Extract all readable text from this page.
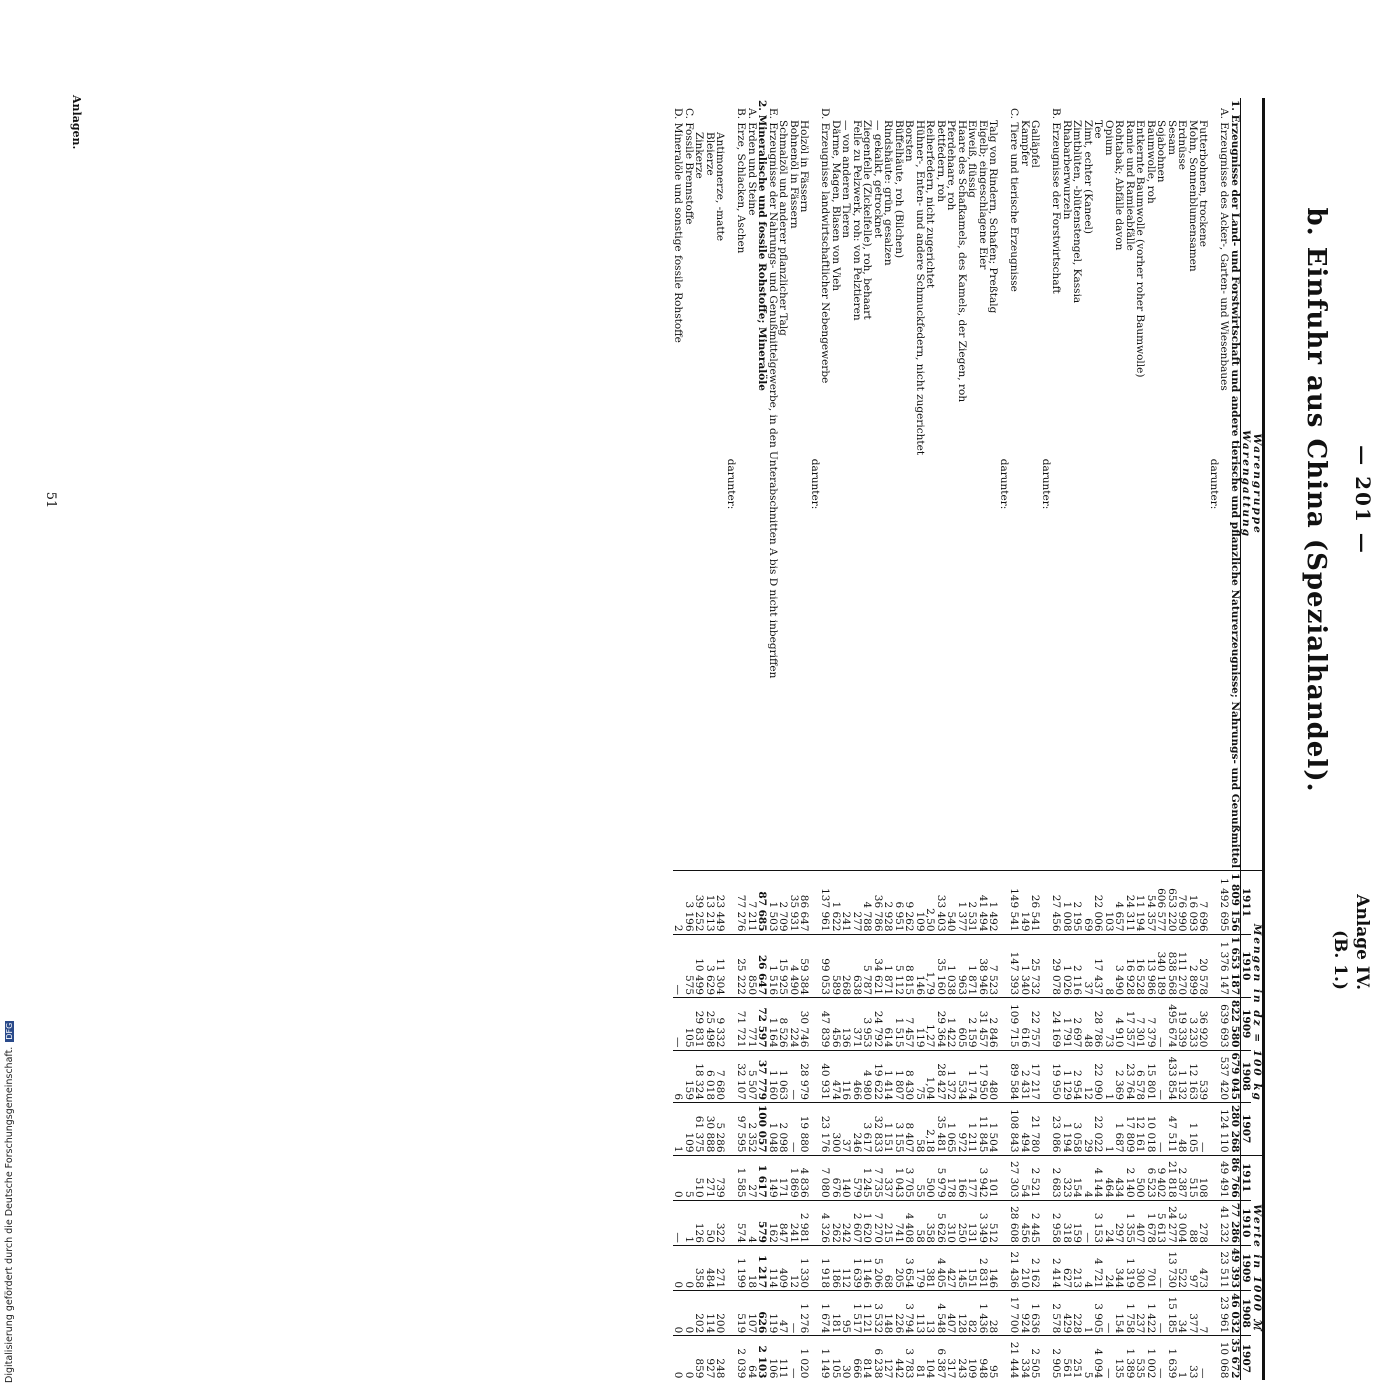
Digitalisierung gefördert durch die Deutsche Forschungsgemeinschaft. DFG
— 201 —
Anlage IV.
(B. 1.)
b. Einfuhr aus China (Spezialhandel).
Warengruppe
Warengattung	Mengen in dz = 100 kg					Werte in 1000 ℳ				
	1911	1910	1909	1908	1907	1911	1910	1909	1908	1907
1. Erzeugnisse der Land- und Forstwirtschaft und andere tierische und pflanzliche Naturerzeugnisse; Nahrungs- und Genußmittel	1 809 156	1 653 187	822 580	679 045	280 268	86 766	77 286	49 393	46 032	35 672
A. Erzeugnisse des Acker-, Garten- und Wiesenbaues	1 492 695	1 376 147	639 693	537 420	124 110	49 491	41 232	23 511	23 961	10 068
darunter:										
Futterbohnen, trockene	7 696	20 578	36 920	539	—	108	278	473	7	—
Mohn, Sonnenblumensamen	16 093	2 899	3 233	12 163	1 105	515	88	97	377	33
Erdnüsse	76 990	111 270	19 339	1 132	48	2 387	3 004	522	34	1
Sesam	653 220	838 568	495 674	433 854	47 511	21 818	24 277	13 730	15 185	1 639
Sojabohnen	606 577	340 189	—	—	—	9 402	5 613	—	—	—
Baumwolle, roh	54 357	13 986	7 379	15 801	10 018	6 523	1 678	701	1 422	1 002
Entkernte Baumwolle (vorher roher Baumwolle)	11 194	16 528	7 301	6 578	12 161	500	407	300	237	535
Ramie und Ramieabfälle	24 311	16 928	17 357	23 764	17 809	2 140	1 355	1 319	1 758	1 389
Rohtabak; Abfälle davon	4 657	3 490	4 910	2 369	1 687	434	297	344	154	135
Opium	103	8	73	1	1	464	24	24	—	—
Tee	22 006	17 437	28 786	22 090	22 022	4 144	3 153	4 721	3 905	4 094
Zimt, echter (Kaneel)	69	37	48	12	29	4	—	4	1	5
Zimtblüten, -blütenstengel, Kassia	2 195	2 116	2 697	2 954	3 058	154	159	213	228	251
Rhabarberwurzeln	1 008	1 026	1 791	1 129	1 194	323	318	627	429	561
B. Erzeugnisse der Forstwirtschaft	27 456	29 078	24 169	19 950	23 086	2 683	2 958	2 414	2 578	2 905
darunter:										
Galläpfel	26 541	25 732	22 757	17 217	21 780	2 521	2 445	2 162	1 636	2 505
Kampfer	149	1 340	616	2 431	494	54	456	210	924	334
C. Tiere und tierische Erzeugnisse	149 541	147 393	109 715	89 584	108 843	27 303	28 608	21 436	17 700	21 444
darunter:										
Talg von Rindern, Schafen; Preßtalg	1 492	7 523	2 846	480	1 504	101	512	146	28	95
Eigelb; eingeschlagene Eier	41 494	38 946	31 457	17 950	11 845	3 942	3 349	2 831	1 436	948
Eiweiß, flüssig	2 531	1 871	2 159	1 174	1 211	177	131	151	82	109
Haare des Schafkamels, des Kamels, der Ziegen, roh	1 377	963	605	534	972	166	250	145	128	243
Pferdehaare, roh	540	1 038	1 422	1 372	1 065	178	310	427	407	317
Bettfedern, roh	33 403	35 160	29 364	28 427	35 481	5 979	5 626	4 405	4 548	6 387
Reiherfedern, nicht zugerichtet	2,50	1,79	1,27	1,04	2,18	500	358	381	13	104
Hühner-, Enten- und andere Schmuckfedern, nicht zugerichtet	109	146	119	75	58	55	58	179	113	81
Borsten	9 262	8 815	7 457	8 430	8 407	3 705	4 408	3 654	3 794	3 783
Büffelhäute, roh (Bilchen)	6 951	5 112	1 515	1 807	3 155	1 043	741	205	226	442
Rindshäute: grün, gesalzen	2 928	1 871	614	1 414	1 151	337	215	68	148	127
— gekalkt, getrocknet	36 786	34 621	24 792	19 622	32 833	7 735	7 270	5 206	3 532	6 238
Ziegenfelle (Zickelfelle), roh, behaart	4 788	5 787	3 953	4 980	3 617	1 245	1 620	1 146	1 121	814
Felle zu Pelzwerk, roh: von Pelztieren	277	638	371	466	246	579	2 607	1 639	1 517	666
— von anderen Tieren	241	268	136	116	37	140	242	112	95	30
Därme, Magen, Blasen von Vieh	1 622	589	456	474	300	676	262	186	181	105
D. Erzeugnisse landwirtschaftlicher Nebengewerbe	137 961	99 053	47 839	40 931	23 176	7 080	4 326	1 918	1 674	1 149
darunter:										
Holzöl in Fässern	86 647	59 384	30 746	28 979	19 880	4 836	2 981	1 330	1 276	1 020
Bohnenöl in Fässern	35 931	4 490	224	—	—	1 869	241	12	—	—
Schmalzöl und anderer pflanzlicher Talg	2 709	15 925	8 526	1 063	2 098	171	847	409	47	111
E. Erzeugnisse der Nahrungs- und Genußmittelgewerbe, in den Unterabschnitten A bis D nicht inbegriffen	1 503	1 516	1 164	1 160	1 048	149	162	114	119	106
2. Mineralische und fossile Rohstoffe; Mineralöle	87 685	26 647	72 597	37 779	100 057	1 617	579	1 217	626	2 103
A. Erden und Steine	7 211	850	771	5 507	2 352	27	4	18	107	64
B. Erze, Schlacken, Aschen	77 276	25 222	71 721	32 107	97 595	1 585	574	1 199	519	2 039
darunter:										
Antimonerze, -matte	23 449	11 304	9 332	7 680	5 286	739	322	271	200	248
Bleierze	13 213	3 629	25 498	6 018	30 888	271	50	484	114	927
Zinkerze	39 252	10 499	29 831	18 324	61 375	510	126	358	202	859
C. Fossile Brennstoffe	3 196	575	105	159	109	5	1	0	0	0
D. Mineralöle und sonstige fossile Rohstoffe	2	—	—	6	1	0	—	0	0	0
Anlagen.
51
